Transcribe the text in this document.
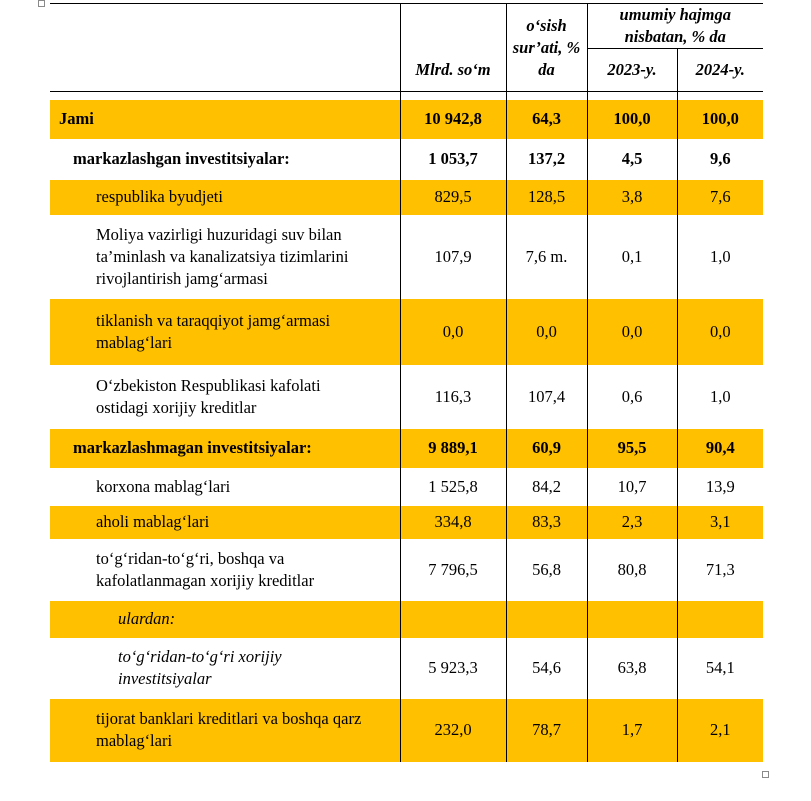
	Mlrd. so‘m	o‘sish sur’ati, % da	umumiy hajmga nisbatan, % da	
			2023-y.	2024-y.

Jami	10 942,8	64,3	100,0	100,0
markazlashgan investitsiyalar:	1 053,7	137,2	4,5	9,6
respublika byudjeti	829,5	128,5	3,8	7,6
Moliya vazirligi huzuridagi suv bilan ta’minlash va kanalizatsiya tizimlarini rivojlantirish jamg‘armasi	107,9	7,6 m.	0,1	1,0
tiklanish va taraqqiyot jamg‘armasi mablag‘lari	0,0	0,0	0,0	0,0
O‘zbekiston Respublikasi kafolati ostidagi xorijiy kreditlar	116,3	107,4	0,6	1,0
markazlashmagan investitsiyalar:	9 889,1	60,9	95,5	90,4
korxona mablag‘lari	1 525,8	84,2	10,7	13,9
aholi mablag‘lari	334,8	83,3	2,3	3,1
to‘g‘ridan-to‘g‘ri, boshqa va kafolatlanmagan xorijiy kreditlar	7 796,5	56,8	80,8	71,3
ulardan:				
to‘g‘ridan-to‘g‘ri xorijiy investitsiyalar	5 923,3	54,6	63,8	54,1
tijorat banklari kreditlari va boshqa qarz mablag‘lari	232,0	78,7	1,7	2,1
